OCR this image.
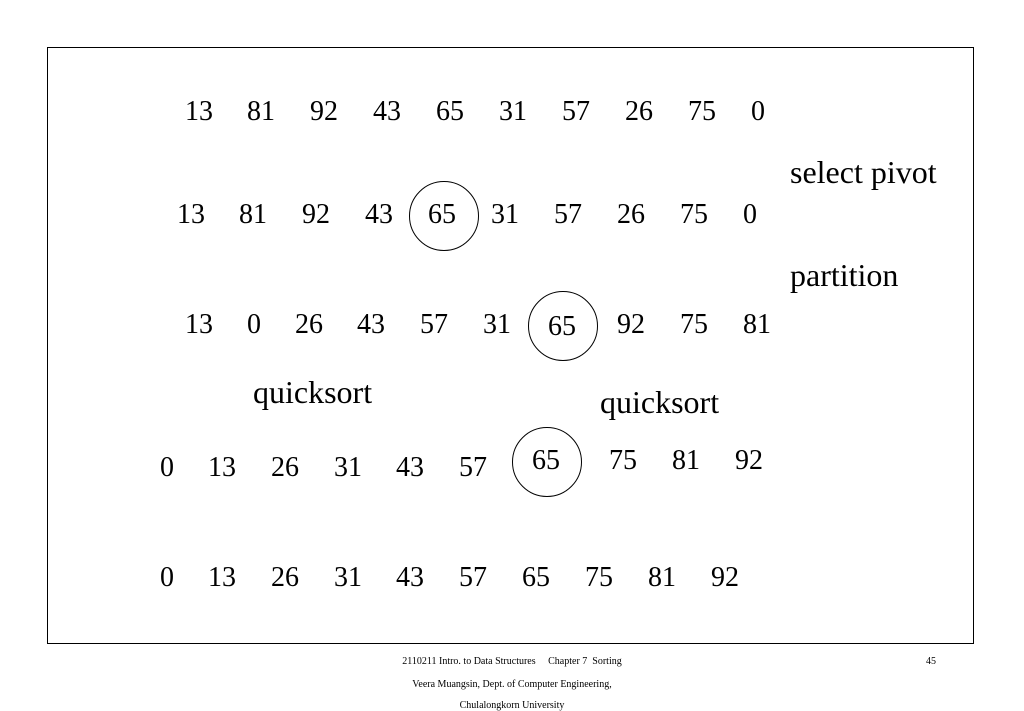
13 81 92 43 65 31 57 26 75 0
select pivot
13 81 92 43 65 31 57 26 75 0
partition
13 0 26 43 57 31 65 92 75 81
quicksort	quicksort
0 13 26 31 43 57 65 75 81 92
0 13 26 31 43 57 65 75 81 92
2110211 Intro. to Data Structures     Chapter 7  Sorting
Veera Muangsin, Dept. of Computer Engineering,
Chulalongkorn University
45
